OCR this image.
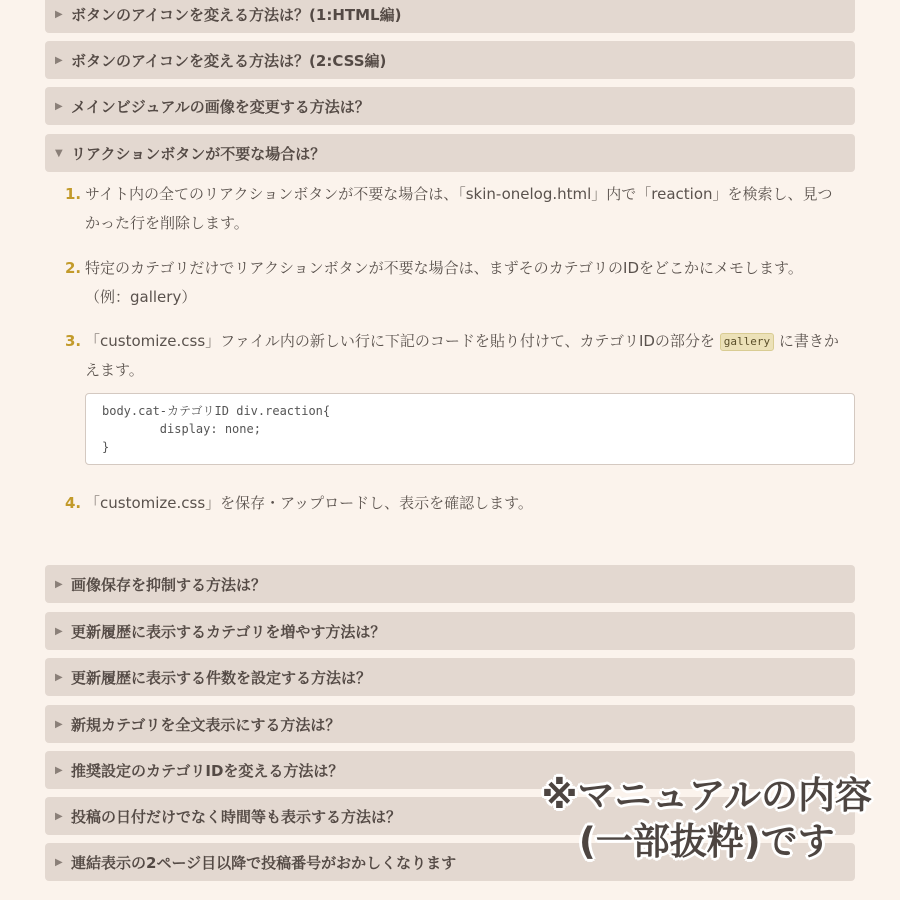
▶ ボタンのアイコンを変える方法は？(1:HTML編)
▶ ボタンのアイコンを変える方法は？(2:CSS編)
▶ メインビジュアルの画像を変更する方法は？
▼ リアクションボタンが不要な場合は？
1. サイト内の全てのリアクションボタンが不要な場合は、「skin-onelog.html」内で「reaction」を検索し、見つ
かった行を削除します。
2. 特定のカテゴリだけでリアクションボタンが不要な場合は、まずそのカテゴリのIDをどこかにメモします。
（例：gallery）
3. 「customize.css」ファイル内の新しい行に下記のコードを貼り付けて、カテゴリIDの部分を gallery に書きか
えます。
4. 「customize.css」を保存・アップロードし、表示を確認します。
body.cat-カテゴリID div.reaction{
display: none;
}
▶ 画像保存を抑制する方法は？
▶ 更新履歴に表示するカテゴリを増やす方法は？
▶ 更新履歴に表示する件数を設定する方法は？
▶ 新規カテゴリを全文表示にする方法は？
▶ 推奨設定のカテゴリIDを変える方法は？
▶ 投稿の日付だけでなく時間等も表示する方法は？
▶ 連結表示の2ページ目以降で投稿番号がおかしくなります
※マニュアルの内容
(一部抜粋)です
